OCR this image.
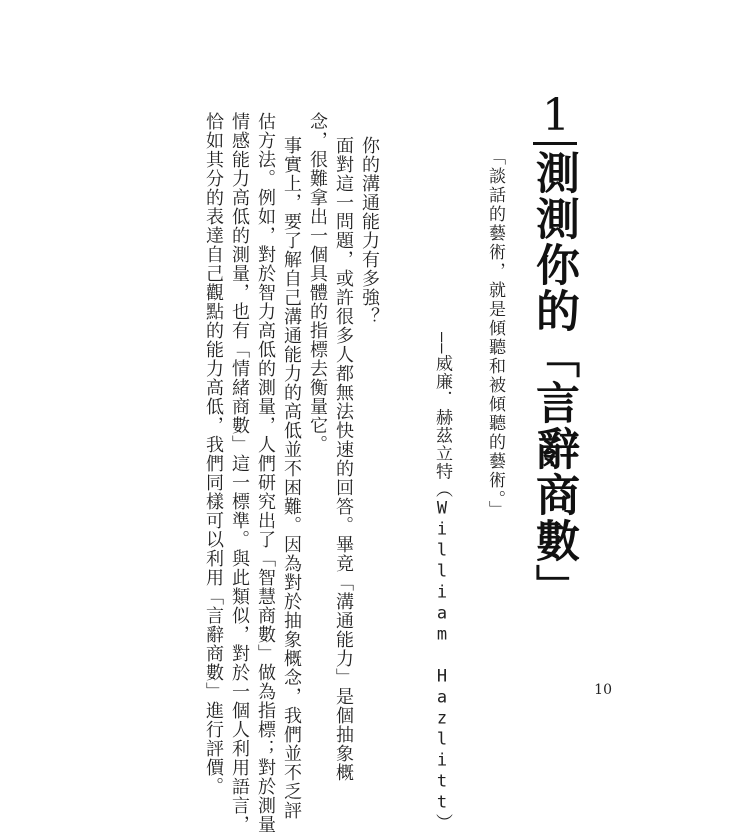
1
測測你的「言辭商數」
「談話的藝術，就是傾聽和被傾聽的藝術。」
——威廉．赫茲立特（William Hazlitt）
你的溝通能力有多強？
面對這一問題，或許很多人都無法快速的回答。畢竟「溝通能力」是個抽象概
念，很難拿出一個具體的指標去衡量它。
事實上，要了解自己溝通能力的高低並不困難。因為對於抽象概念，我們並不乏評
估方法。例如，對於智力高低的測量，人們研究出了「智慧商數」做為指標；對於測量
情感能力高低的測量，也有「情緒商數」這一標準。與此類似，對於一個人利用語言，
恰如其分的表達自己觀點的能力高低，我們同樣可以利用「言辭商數」進行評價。	10
